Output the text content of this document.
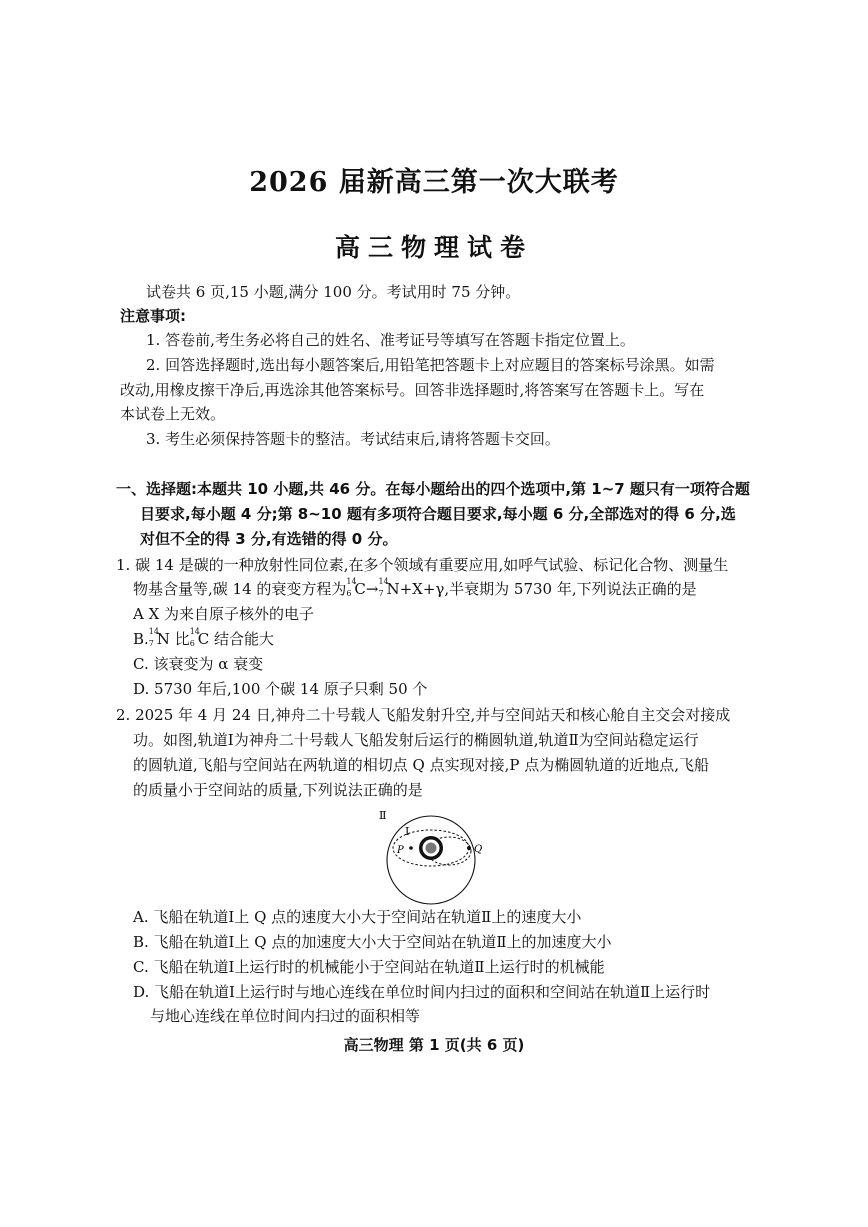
2026 届新高三第一次大联考
高三物理试卷
试卷共 6 页,15 小题,满分 100 分。考试用时 75 分钟。
注意事项:
1. 答卷前,考生务必将自己的姓名、准考证号等填写在答题卡指定位置上。
2. 回答选择题时,选出每小题答案后,用铅笔把答题卡上对应题目的答案标号涂黑。如需
改动,用橡皮擦干净后,再选涂其他答案标号。回答非选择题时,将答案写在答题卡上。写在
本试卷上无效。
3. 考生必须保持答题卡的整洁。考试结束后,请将答题卡交回。
一、选择题:本题共 10 小题,共 46 分。在每小题给出的四个选项中,第 1~7 题只有一项符合题
目要求,每小题 4 分;第 8~10 题有多项符合题目要求,每小题 6 分,全部选对的得 6 分,选
对但不全的得 3 分,有选错的得 0 分。
1. 碳 14 是碳的一种放射性同位素,在多个领域有重要应用,如呼气试验、标记化合物、测量生
物基含量等,碳 14 的衰变方程为 14
6 C→ 14
7 N+X+γ,半衰期为 5730 年,下列说法正确的是
A X 为来自原子核外的电子
B. 14
7 N 比 14
6 C 结合能大
C. 该衰变为 α 衰变
D. 5730 年后,100 个碳 14 原子只剩 50 个
2. 2025 年 4 月 24 日,神舟二十号载人飞船发射升空,并与空间站天和核心舱自主交会对接成
功。如图,轨道Ⅰ为神舟二十号载人飞船发射后运行的椭圆轨道,轨道Ⅱ为空间站稳定运行
的圆轨道,飞船与空间站在两轨道的相切点 Q 点实现对接,P 点为椭圆轨道的近地点,飞船
的质量小于空间站的质量,下列说法正确的是
Ⅱ
Ⅰ
P	Q
A. 飞船在轨道Ⅰ上 Q 点的速度大小大于空间站在轨道Ⅱ上的速度大小
B. 飞船在轨道Ⅰ上 Q 点的加速度大小大于空间站在轨道Ⅱ上的加速度大小
C. 飞船在轨道Ⅰ上运行时的机械能小于空间站在轨道Ⅱ上运行时的机械能
D. 飞船在轨道Ⅰ上运行时与地心连线在单位时间内扫过的面积和空间站在轨道Ⅱ上运行时
与地心连线在单位时间内扫过的面积相等
高三物理 第 1 页(共 6 页)
